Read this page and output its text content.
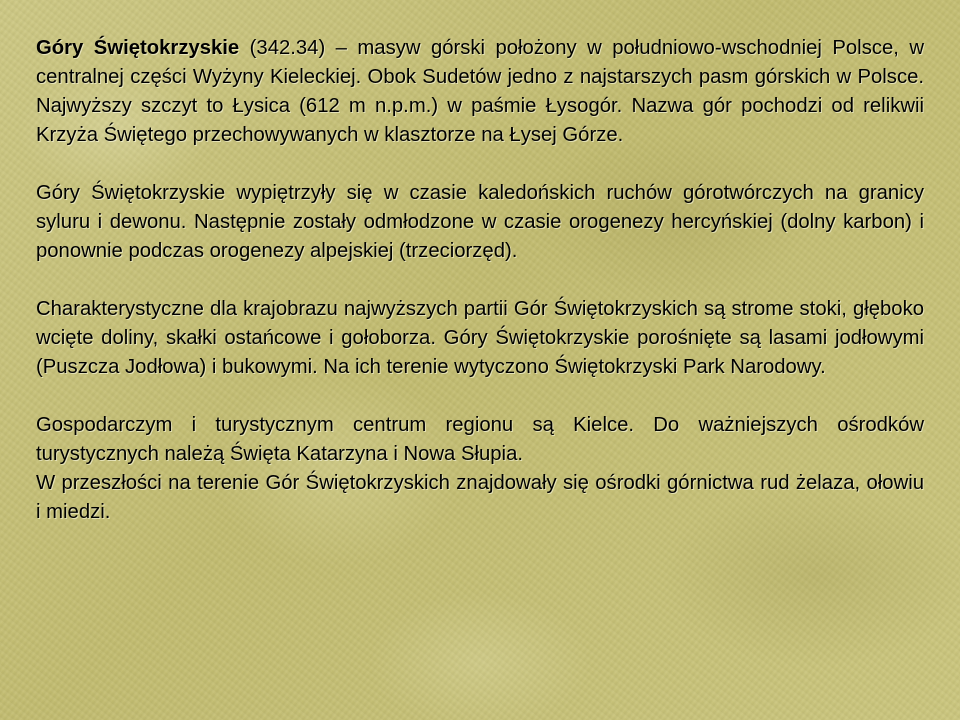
Góry Świętokrzyskie (342.34) – masyw górski położony w południowo-wschodniej Polsce, w centralnej części Wyżyny Kieleckiej. Obok Sudetów jedno z najstarszych pasm górskich w Polsce. Najwyższy szczyt to Łysica (612 m n.p.m.) w paśmie Łysogór. Nazwa gór pochodzi od relikwii Krzyża Świętego przechowywanych w klasztorze na Łysej Górze.

Góry Świętokrzyskie wypiętrzyły się w czasie kaledońskich ruchów górotwórczych na granicy syluru i dewonu. Następnie zostały odmłodzone w czasie orogenezy hercyńskiej (dolny karbon) i ponownie podczas orogenezy alpejskiej (trzeciorzęd).

Charakterystyczne dla krajobrazu najwyższych partii Gór Świętokrzyskich są strome stoki, głęboko wcięte doliny, skałki ostańcowe i gołoborza. Góry Świętokrzyskie porośnięte są lasami jodłowymi (Puszcza Jodłowa) i bukowymi. Na ich terenie wytyczono Świętokrzyski Park Narodowy.

Gospodarczym i turystycznym centrum regionu są Kielce. Do ważniejszych ośrodków turystycznych należą Święta Katarzyna i Nowa Słupia.

W przeszłości na terenie Gór Świętokrzyskich znajdowały się ośrodki górnictwa rud żelaza, ołowiu i miedzi.
